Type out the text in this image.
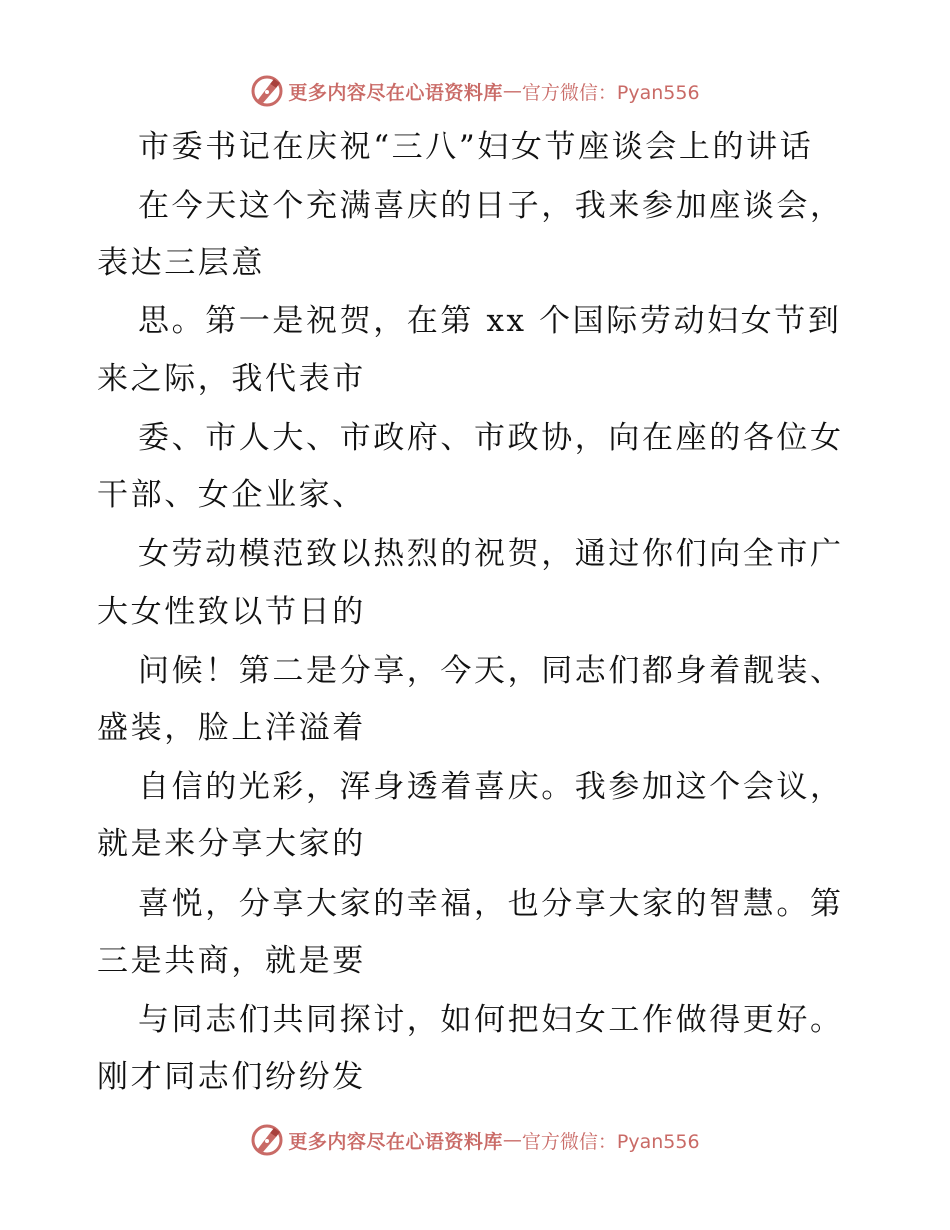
更多内容尽在心语资料库 — 官方微信：Pyan556
市委书记在庆祝“三八”妇女节座谈会上的讲话
在今天这个充满喜庆的日子，我来参加座谈会，
表达三层意
思。第一是祝贺，在第 xx 个国际劳动妇女节到
来之际，我代表市
委、市人大、市政府、市政协，向在座的各位女
干部、女企业家、
女劳动模范致以热烈的祝贺，通过你们向全市广
大女性致以节日的
问候！第二是分享，今天，同志们都身着靓装、
盛装，脸上洋溢着
自信的光彩，浑身透着喜庆。我参加这个会议，
就是来分享大家的
喜悦，分享大家的幸福，也分享大家的智慧。第
三是共商，就是要
与同志们共同探讨，如何把妇女工作做得更好。
刚才同志们纷纷发
更多内容尽在心语资料库 — 官方微信：Pyan556
